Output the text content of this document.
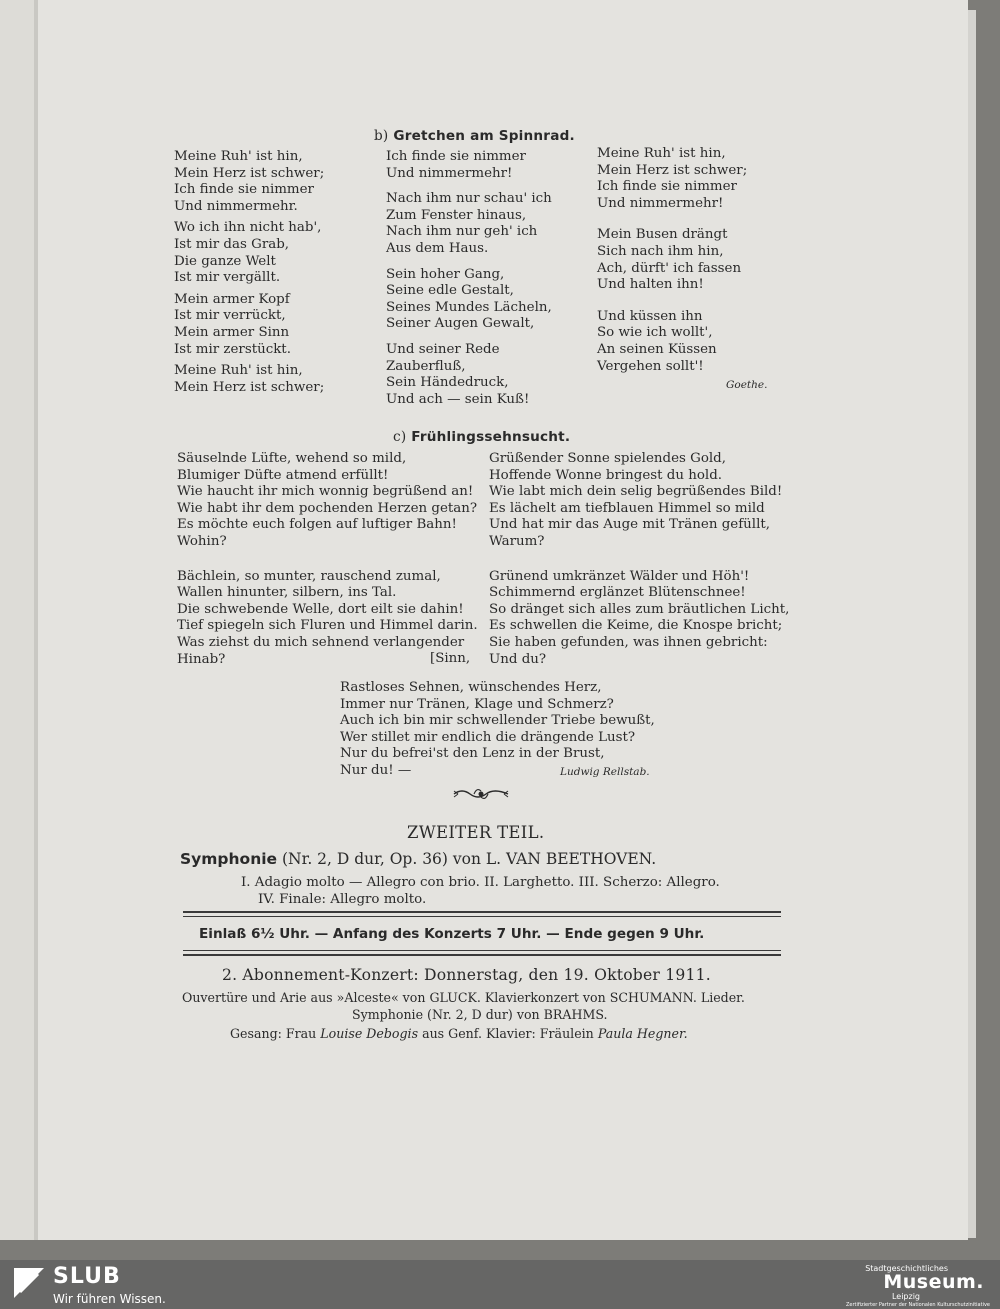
b) Gretchen am Spinnrad.
Meine Ruh' ist hin,
Mein Herz ist schwer;
Ich finde sie nimmer
Und nimmermehr.
Wo ich ihn nicht hab',
Ist mir das Grab,
Die ganze Welt
Ist mir vergällt.
Mein armer Kopf
Ist mir verrückt,
Mein armer Sinn
Ist mir zerstückt.
Meine Ruh' ist hin,
Mein Herz ist schwer;
Ich finde sie nimmer
Und nimmermehr!
Nach ihm nur schau' ich
Zum Fenster hinaus,
Nach ihm nur geh' ich
Aus dem Haus.
Sein hoher Gang,
Seine edle Gestalt,
Seines Mundes Lächeln,
Seiner Augen Gewalt,
Und seiner Rede
Zauberfluß,
Sein Händedruck,
Und ach — sein Kuß!
Meine Ruh' ist hin,
Mein Herz ist schwer;
Ich finde sie nimmer
Und nimmermehr!
Mein Busen drängt
Sich nach ihm hin,
Ach, dürft' ich fassen
Und halten ihn!
Und küssen ihn
So wie ich wollt',
An seinen Küssen
Vergehen sollt'!
Goethe.
c) Frühlingssehnsucht.
Säuselnde Lüfte, wehend so mild,
Blumiger Düfte atmend erfüllt!
Wie haucht ihr mich wonnig begrüßend an!
Wie habt ihr dem pochenden Herzen getan?
Es möchte euch folgen auf luftiger Bahn!
Wohin?
Bächlein, so munter, rauschend zumal,
Wallen hinunter, silbern, ins Tal.
Die schwebende Welle, dort eilt sie dahin!
Tief spiegeln sich Fluren und Himmel darin.
Was ziehst du mich sehnend verlangender
Hinab?	[Sinn,
Grüßender Sonne spielendes Gold,
Hoffende Wonne bringest du hold.
Wie labt mich dein selig begrüßendes Bild!
Es lächelt am tiefblauen Himmel so mild
Und hat mir das Auge mit Tränen gefüllt,
Warum?
Grünend umkränzet Wälder und Höh'!
Schimmernd erglänzet Blütenschnee!
So dränget sich alles zum bräutlichen Licht,
Es schwellen die Keime, die Knospe bricht;
Sie haben gefunden, was ihnen gebricht:
Und du?
Rastloses Sehnen, wünschendes Herz,
Immer nur Tränen, Klage und Schmerz?
Auch ich bin mir schwellender Triebe bewußt,
Wer stillet mir endlich die drängende Lust?
Nur du befrei'st den Lenz in der Brust,
Nur du! —	Ludwig Rellstab.
ZWEITER TEIL.
Symphonie (Nr. 2, D dur, Op. 36) von L. VAN BEETHOVEN.
I. Adagio molto — Allegro con brio. II. Larghetto. III. Scherzo: Allegro.
IV. Finale: Allegro molto.
Einlaß 6½ Uhr. — Anfang des Konzerts 7 Uhr. — Ende gegen 9 Uhr.
2. Abonnement-Konzert: Donnerstag, den 19. Oktober 1911.
Ouvertüre und Arie aus »Alceste« von GLUCK. Klavierkonzert von SCHUMANN. Lieder.
Symphonie (Nr. 2, D dur) von BRAHMS.
Gesang: Frau Louise Debogis aus Genf. Klavier: Fräulein Paula Hegner.
SLUB
Wir führen Wissen.
Stadtgeschichtliches
Museum.
Leipzig
Zertifizierter Partner der Nationalen Kulturschutzinitiative
